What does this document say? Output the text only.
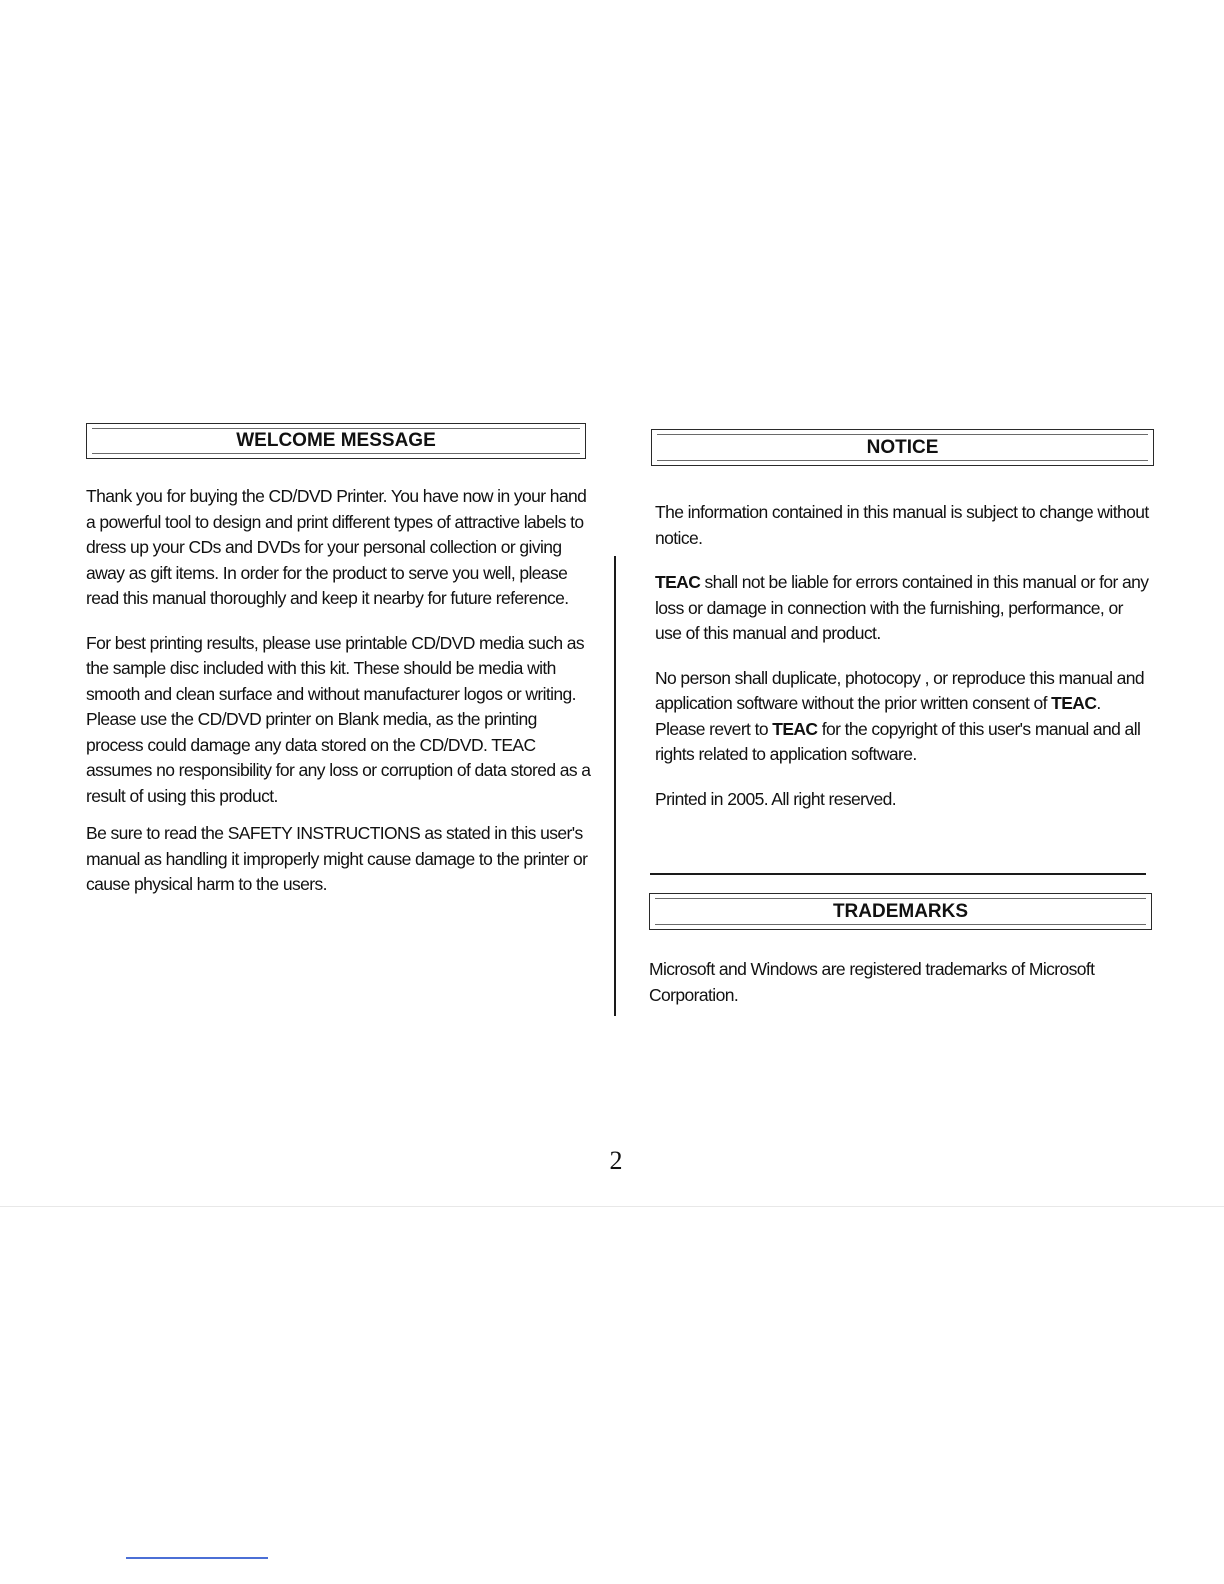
WELCOME MESSAGE

Thank you for buying the CD/DVD Printer. You have now in your hand a powerful tool to design and print different types of attractive labels to dress up your CDs and DVDs for your personal collection or giving away as gift items. In order for the product to serve you well, please read this manual thoroughly and keep it nearby for future reference.

For best printing results, please use printable CD/DVD media such as the sample disc included with this kit. These should be media with smooth and clean surface and without manufacturer logos or writing. Please use the CD/DVD printer on Blank media, as the printing process could damage any data stored on the CD/DVD. TEAC assumes no responsibility for any loss or corruption of data stored as a result of using this product.

Be sure to read the SAFETY INSTRUCTIONS as stated in this user's manual as handling it improperly might cause damage to the printer or cause physical harm to the users.

NOTICE

The information contained in this manual is subject to change without notice.

TEAC shall not be liable for errors contained in this manual or for any loss or damage in connection with the furnishing, performance, or use of this manual and product.

No person shall duplicate, photocopy , or reproduce this manual and application software without the prior written consent of TEAC. Please revert to TEAC for the copyright of this user's manual and all rights related to application software.

Printed in 2005. All right reserved.

TRADEMARKS

Microsoft and Windows are registered trademarks of Microsoft Corporation.

2
